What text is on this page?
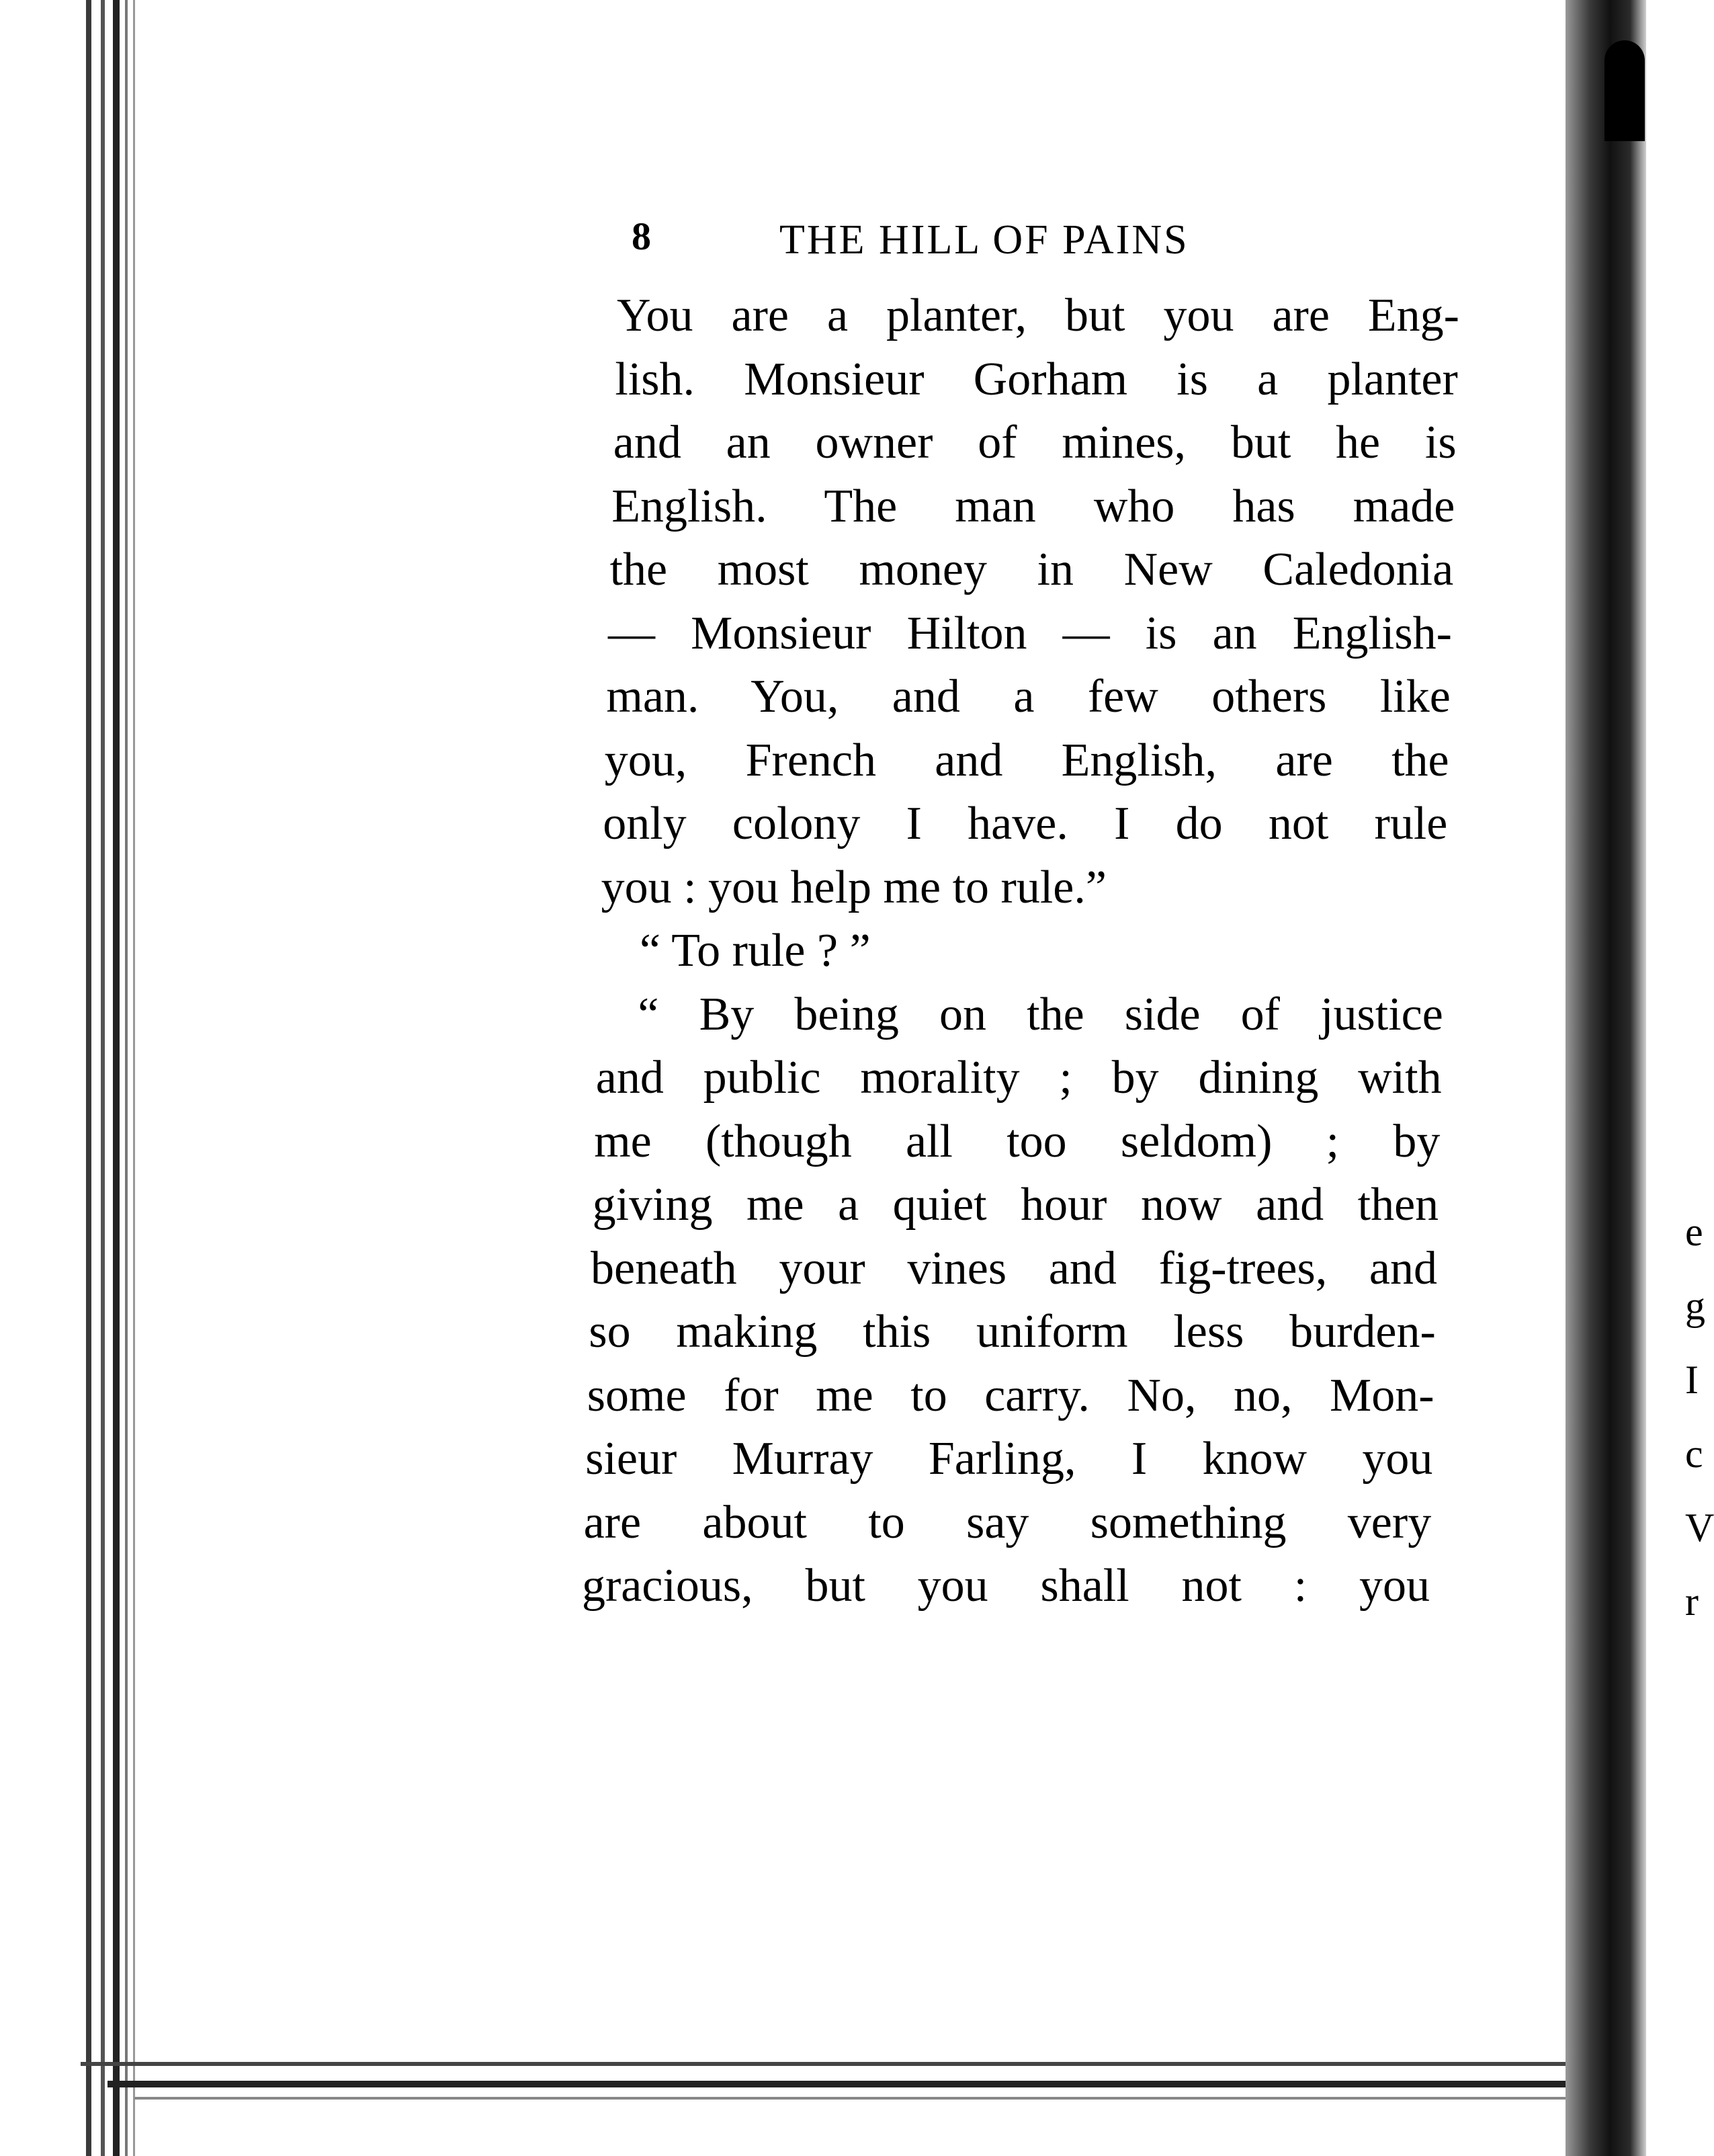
e
g
I
c
V
r
8	THE HILL OF PAINS
You are a planter, but you are Eng-
lish. Monsieur Gorham is a planter
and an owner of mines, but he is
English. The man who has made
the most money in New Caledonia
— Monsieur Hilton — is an English-
man. You, and a few others like
you, French and English, are the
only colony I have. I do not rule
you : you help me to rule.”
“ To rule ? ”
“ By being on the side of justice
and public morality ; by dining with
me (though all too seldom) ; by
giving me a quiet hour now and then
beneath your vines and fig-trees, and
so making this uniform less burden-
some for me to carry. No, no, Mon-
sieur Murray Farling, I know you
are about to say something very
gracious, but you shall not : you
